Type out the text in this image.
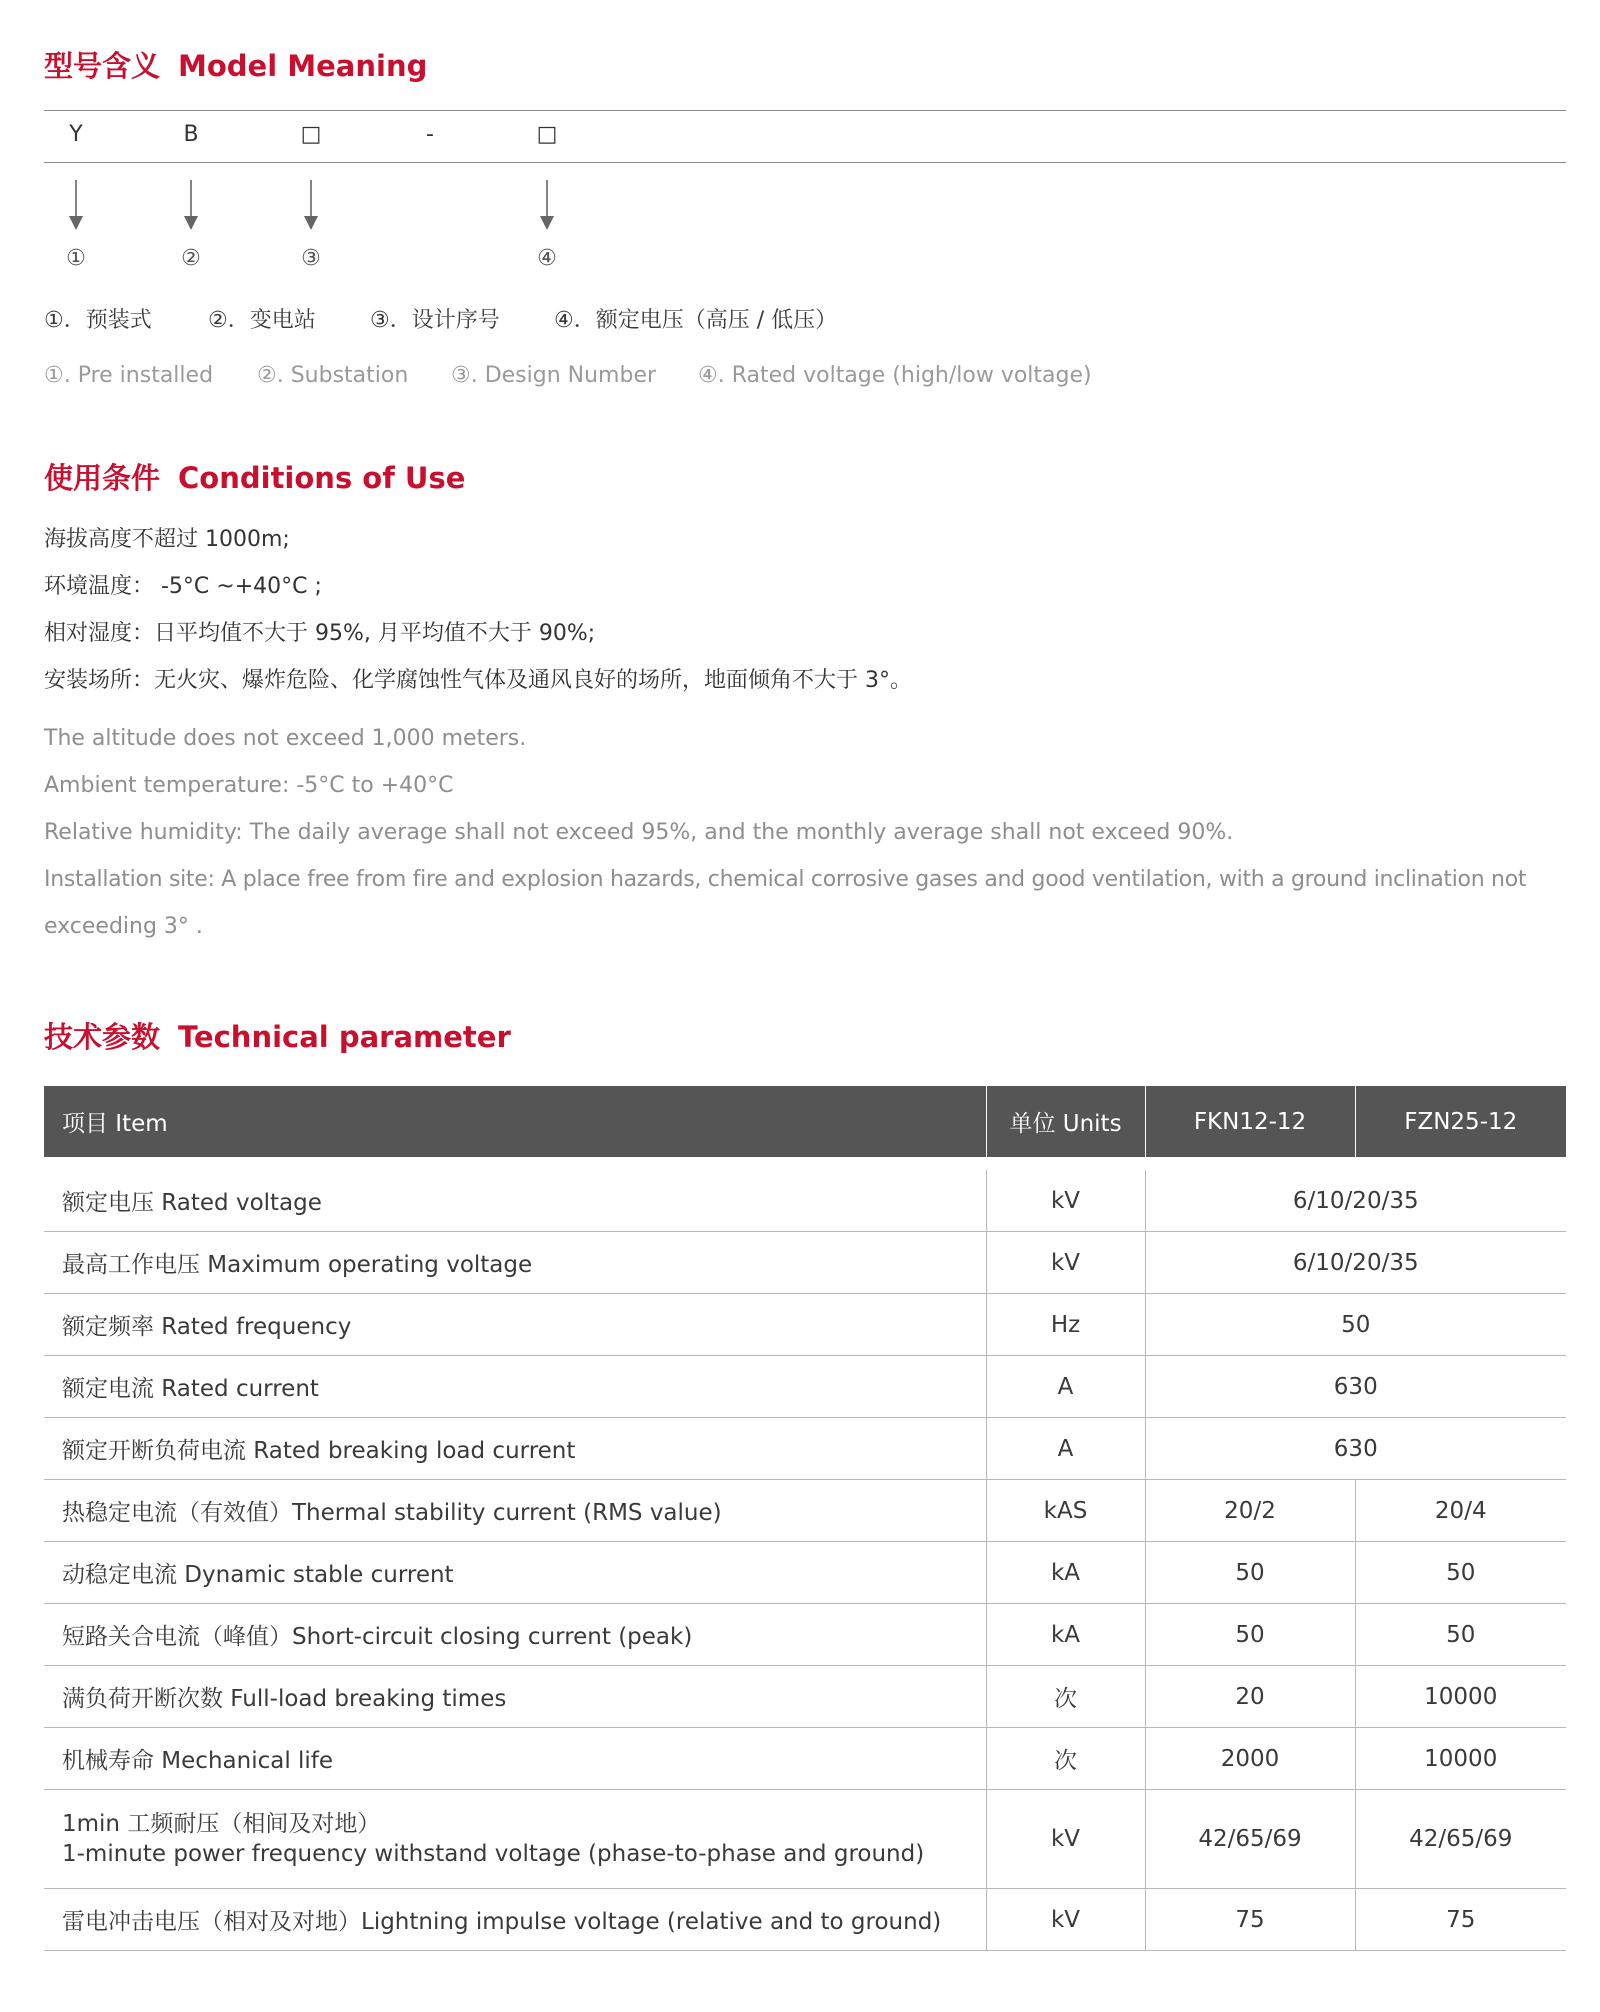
型号含义 Model Meaning
Y	B	□	-	□
①	②	③	④
①．预装式	②．变电站 ③．设计序号 ④．额定电压（高压 / 低压）
①. Pre installed ②. Substation ③. Design Number ④. Rated voltage (high/low voltage)
使用条件 Conditions of Use
海拔高度不超过 1000m;
环境温度： -5°C ~+40°C ;
相对湿度：日平均值不大于 95%, 月平均值不大于 90%;
安装场所：无火灾、爆炸危险、化学腐蚀性气体及通风良好的场所，地面倾角不大于 3°。
The altitude does not exceed 1,000 meters.
Ambient temperature: -5°C to +40°C
Relative humidity: The daily average shall not exceed 95%, and the monthly average shall not exceed 90%.
Installation site: A place free from fire and explosion hazards, chemical corrosive gases and good ventilation, with a ground inclination not
exceeding 3° .
技术参数 Technical parameter
项目 Item	单位 Units	FKN12-12	FZN25-12

额定电压 Rated voltage	kV	6/10/20/35	
最高工作电压 Maximum operating voltage	kV	6/10/20/35	
额定频率 Rated frequency	Hz	50	
额定电流 Rated current	A	630	
额定开断负荷电流 Rated breaking load current	A	630	
热稳定电流（有效值）Thermal stability current (RMS value)	kAS	20/2	20/4
动稳定电流 Dynamic stable current	kA	50	50
短路关合电流（峰值）Short-circuit closing current (peak)	kA	50	50
满负荷开断次数 Full-load breaking times	次	20	10000
机械寿命 Mechanical life	次	2000	10000

1min 工频耐压（相间及对地）
1-minute power frequency withstand voltage (phase-to-phase and ground)	kV	42/65/69	42/65/69
雷电冲击电压（相对及对地）Lightning impulse voltage (relative and to ground)	kV	75	75
